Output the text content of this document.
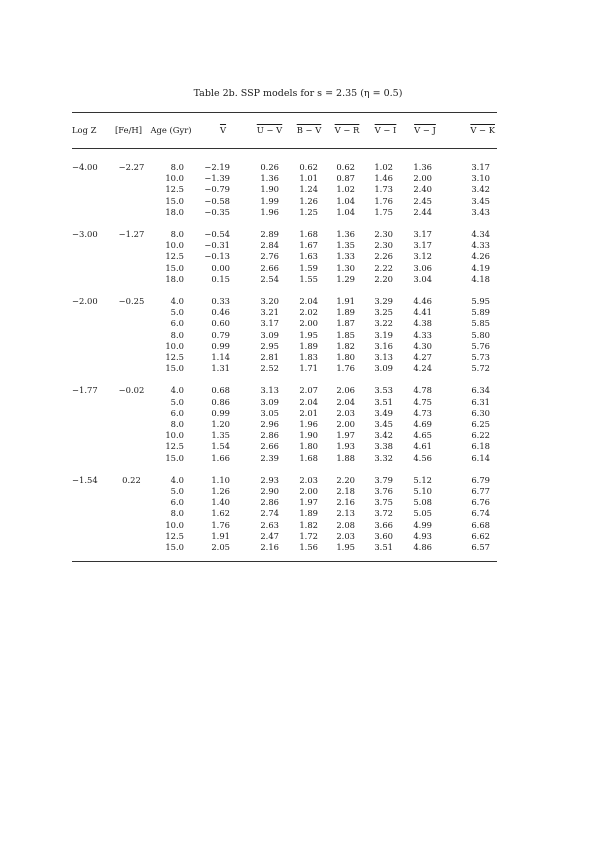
Table 2b. SSP models for s = 2.35 (η = 0.5)
Log Z	[Fe/H]	Age (Gyr)	$\overline{V}$	U − V	B − V	V − R	V − I	V − J	V − K

−4.00	−2.27	8.0	−2.19	0.26	0.62	0.62	1.02	1.36	3.17
		10.0	−1.39	1.36	1.01	0.87	1.46	2.00	3.10
		12.5	−0.79	1.90	1.24	1.02	1.73	2.40	3.42
		15.0	−0.58	1.99	1.26	1.04	1.76	2.45	3.45
		18.0	−0.35	1.96	1.25	1.04	1.75	2.44	3.43

−3.00	−1.27	8.0	−0.54	2.89	1.68	1.36	2.30	3.17	4.34
		10.0	−0.31	2.84	1.67	1.35	2.30	3.17	4.33
		12.5	−0.13	2.76	1.63	1.33	2.26	3.12	4.26
		15.0	0.00	2.66	1.59	1.30	2.22	3.06	4.19
		18.0	0.15	2.54	1.55	1.29	2.20	3.04	4.18

−2.00	−0.25	4.0	0.33	3.20	2.04	1.91	3.29	4.46	5.95
		5.0	0.46	3.21	2.02	1.89	3.25	4.41	5.89
		6.0	0.60	3.17	2.00	1.87	3.22	4.38	5.85
		8.0	0.79	3.09	1.95	1.85	3.19	4.33	5.80
		10.0	0.99	2.95	1.89	1.82	3.16	4.30	5.76
		12.5	1.14	2.81	1.83	1.80	3.13	4.27	5.73
		15.0	1.31	2.52	1.71	1.76	3.09	4.24	5.72

−1.77	−0.02	4.0	0.68	3.13	2.07	2.06	3.53	4.78	6.34
		5.0	0.86	3.09	2.04	2.04	3.51	4.75	6.31
		6.0	0.99	3.05	2.01	2.03	3.49	4.73	6.30
		8.0	1.20	2.96	1.96	2.00	3.45	4.69	6.25
		10.0	1.35	2.86	1.90	1.97	3.42	4.65	6.22
		12.5	1.54	2.66	1.80	1.93	3.38	4.61	6.18
		15.0	1.66	2.39	1.68	1.88	3.32	4.56	6.14

−1.54	0.22	4.0	1.10	2.93	2.03	2.20	3.79	5.12	6.79
		5.0	1.26	2.90	2.00	2.18	3.76	5.10	6.77
		6.0	1.40	2.86	1.97	2.16	3.75	5.08	6.76
		8.0	1.62	2.74	1.89	2.13	3.72	5.05	6.74
		10.0	1.76	2.63	1.82	2.08	3.66	4.99	6.68
		12.5	1.91	2.47	1.72	2.03	3.60	4.93	6.62
		15.0	2.05	2.16	1.56	1.95	3.51	4.86	6.57
